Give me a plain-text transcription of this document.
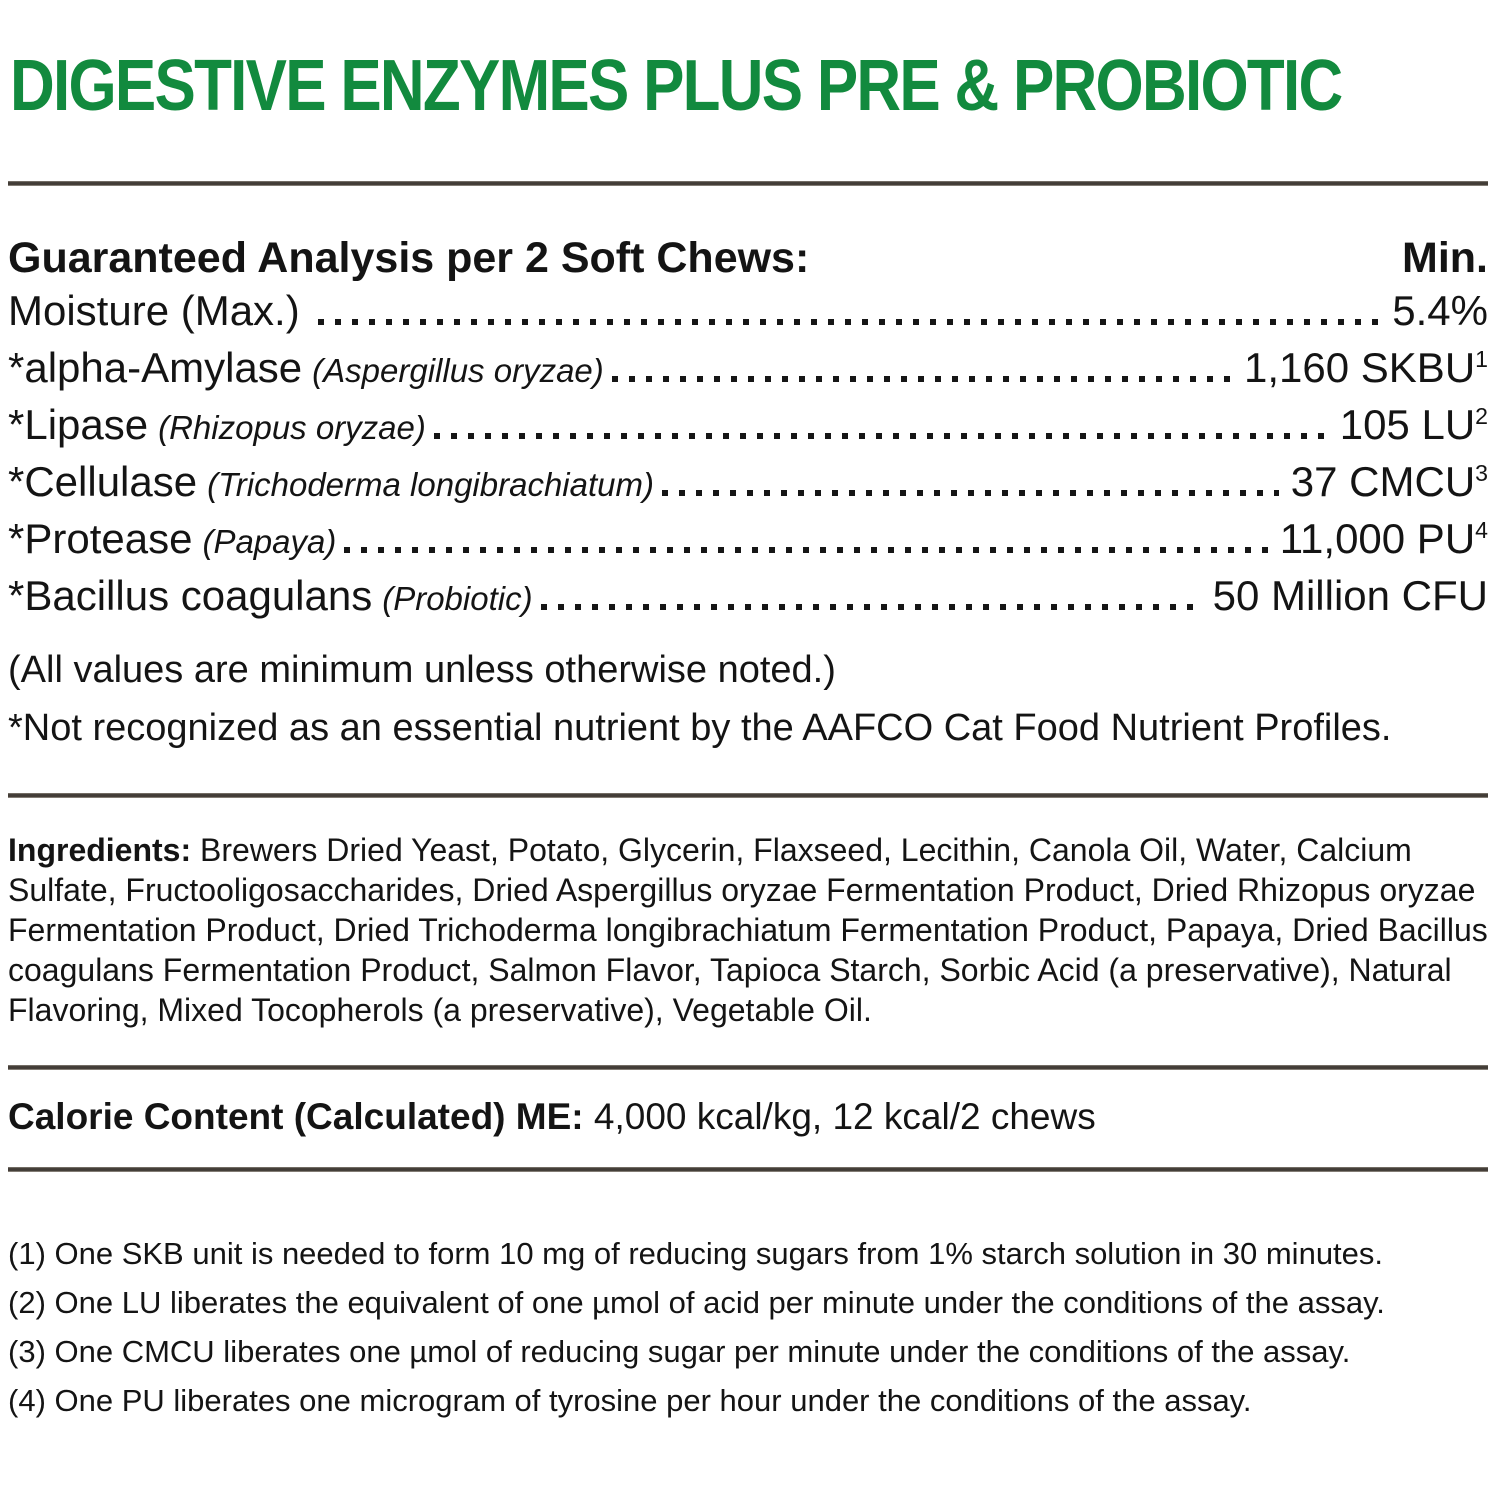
DIGESTIVE ENZYMES PLUS PRE & PROBIOTIC
Guaranteed Analysis per 2 Soft Chews:	Min.
Moisture (Max.)	5.4%
*alpha-Amylase (Aspergillus oryzae)	1,160 SKBU$^1$
*Lipase (Rhizopus oryzae)	105 $LU^2$
*Cellulase (Trichoderma longibrachiatum)	37 CMCU$^3$
*Protease (Papaya)	11,000 $PU^4$
*Bacillus coagulans (Probiotic)	50 Million CFU

(All values are minimum unless otherwise noted.)

*Not recognized as an essential nutrient by the AAFCO Cat Food Nutrient Profiles.

Ingredients: Brewers Dried Yeast, Potato, Glycerin, Flaxseed, Lecithin, Canola Oil, Water, Calcium Sulfate, Fructooligosaccharides, Dried Aspergillus oryzae Fermentation Product, Dried Rhizopus oryzae Fermentation Product, Dried Trichoderma longibrachiatum Fermentation Product, Papaya, Dried Bacillus coagulans Fermentation Product, Salmon Flavor, Tapioca Starch, Sorbic Acid (a preservative), Natural Flavoring, Mixed Tocopherols (a preservative), Vegetable Oil.

Calorie Content (Calculated) ME: 4,000 kcal/kg, 12 kcal/2 chews

(1) One SKB unit is needed to form 10 mg of reducing sugars from 1% starch solution in 30 minutes.

(2) One LU liberates the equivalent of one µmol of acid per minute under the conditions of the assay.

(3) One CMCU liberates one µmol of reducing sugar per minute under the conditions of the assay.

(4) One PU liberates one microgram of tyrosine per hour under the conditions of the assay.
